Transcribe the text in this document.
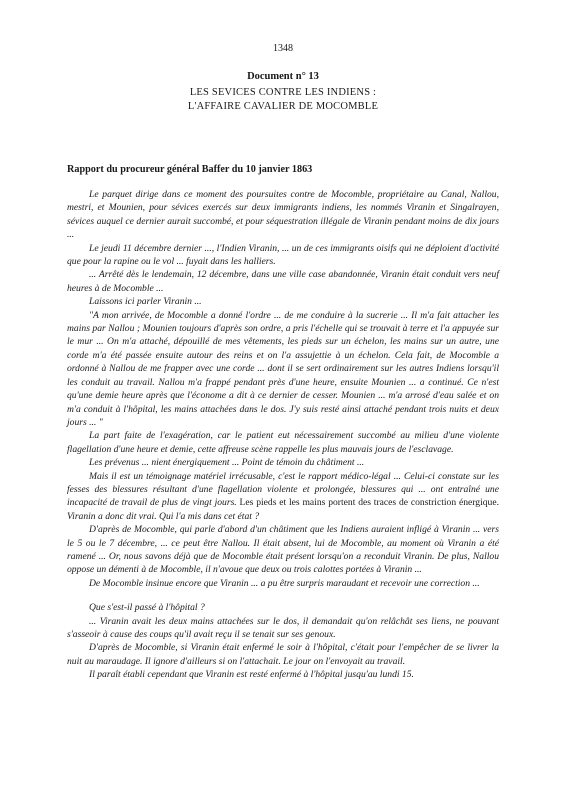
1348
Document n° 13
LES SEVICES CONTRE LES INDIENS :
L'AFFAIRE CAVALIER DE MOCOMBLE
Rapport du procureur général Baffer du 10 janvier 1863

Le parquet dirige dans ce moment des poursuites contre de Mocomble, propriétaire au Canal, Nallou, mestri, et Mounien, pour sévices exercés sur deux immigrants indiens, les nommés Viranin et Singalrayen, sévices auquel ce dernier aurait succombé, et pour séquestration illégale de Viranin pendant moins de dix jours ...

Le jeudi 11 décembre dernier ..., l'Indien Viranin, ... un de ces immigrants oisifs qui ne déploient d'activité que pour la rapine ou le vol ... fuyait dans les halliers.

... Arrêté dès le lendemain, 12 décembre, dans une ville case abandonnée, Viranin était conduit vers neuf heures à de Mocomble ...

Laissons ici parler Viranin ...

"A mon arrivée, de Mocomble a donné l'ordre ... de me conduire à la sucrerie ... Il m'a fait attacher les mains par Nallou ; Mounien toujours d'après son ordre, a pris l'échelle qui se trouvait à terre et l'a appuyée sur le mur ... On m'a attaché, dépouillé de mes vêtements, les pieds sur un échelon, les mains sur un autre, une corde m'a été passée ensuite autour des reins et on l'a assujettie à un échelon. Cela fait, de Mocomble a ordonné à Nallou de me frapper avec une corde ... dont il se sert ordinairement sur les autres Indiens lorsqu'il les conduit au travail. Nallou m'a frappé pendant près d'une heure, ensuite Mounien ... a continué. Ce n'est qu'une demie heure après que l'économe a dit à ce dernier de cesser. Mounien ... m'a arrosé d'eau salée et on m'a conduit à l'hôpital, les mains attachées dans le dos. J'y suis resté ainsi attaché pendant trois nuits et deux jours ... "

La part faite de l'exagération, car le patient eut nécessairement succombé au milieu d'une violente flagellation d'une heure et demie, cette affreuse scène rappelle les plus mauvais jours de l'esclavage.

Les prévenus ... nient énergiquement ... Point de témoin du châtiment ...

Mais il est un témoignage matériel irrécusable, c'est le rapport médico-légal ... Celui-ci constate sur les fesses des blessures résultant d'une flagellation violente et prolongée, blessures qui ... ont entraîné une incapacité de travail de plus de vingt jours. Les pieds et les mains portent des traces de constriction énergique. Viranin a donc dit vrai. Qui l'a mis dans cet état ?

D'après de Mocomble, qui parle d'abord d'un châtiment que les Indiens auraient infligé à Viranin ... vers le 5 ou le 7 décembre, ... ce peut être Nallou. Il était absent, lui de Mocomble, au moment où Viranin a été ramené ... Or, nous savons déjà que de Mocomble était présent lorsqu'on a reconduit Viranin. De plus, Nallou oppose un démenti à de Mocomble, il n'avoue que deux ou trois calottes portées à Viranin ...

De Mocomble insinue encore que Viranin ... a pu être surpris maraudant et recevoir une correction ...

Que s'est-il passé à l'hôpital ?

... Viranin avait les deux mains attachées sur le dos, il demandait qu'on relâchât ses liens, ne pouvant s'asseoir à cause des coups qu'il avait reçu il se tenait sur ses genoux.

D'après de Mocomble, si Viranin était enfermé le soir à l'hôpital, c'était pour l'empêcher de se livrer la nuit au maraudage. Il ignore d'ailleurs si on l'attachait. Le jour on l'envoyait au travail.

Il paraît établi cependant que Viranin est resté enfermé à l'hôpital jusqu'au lundi 15.
